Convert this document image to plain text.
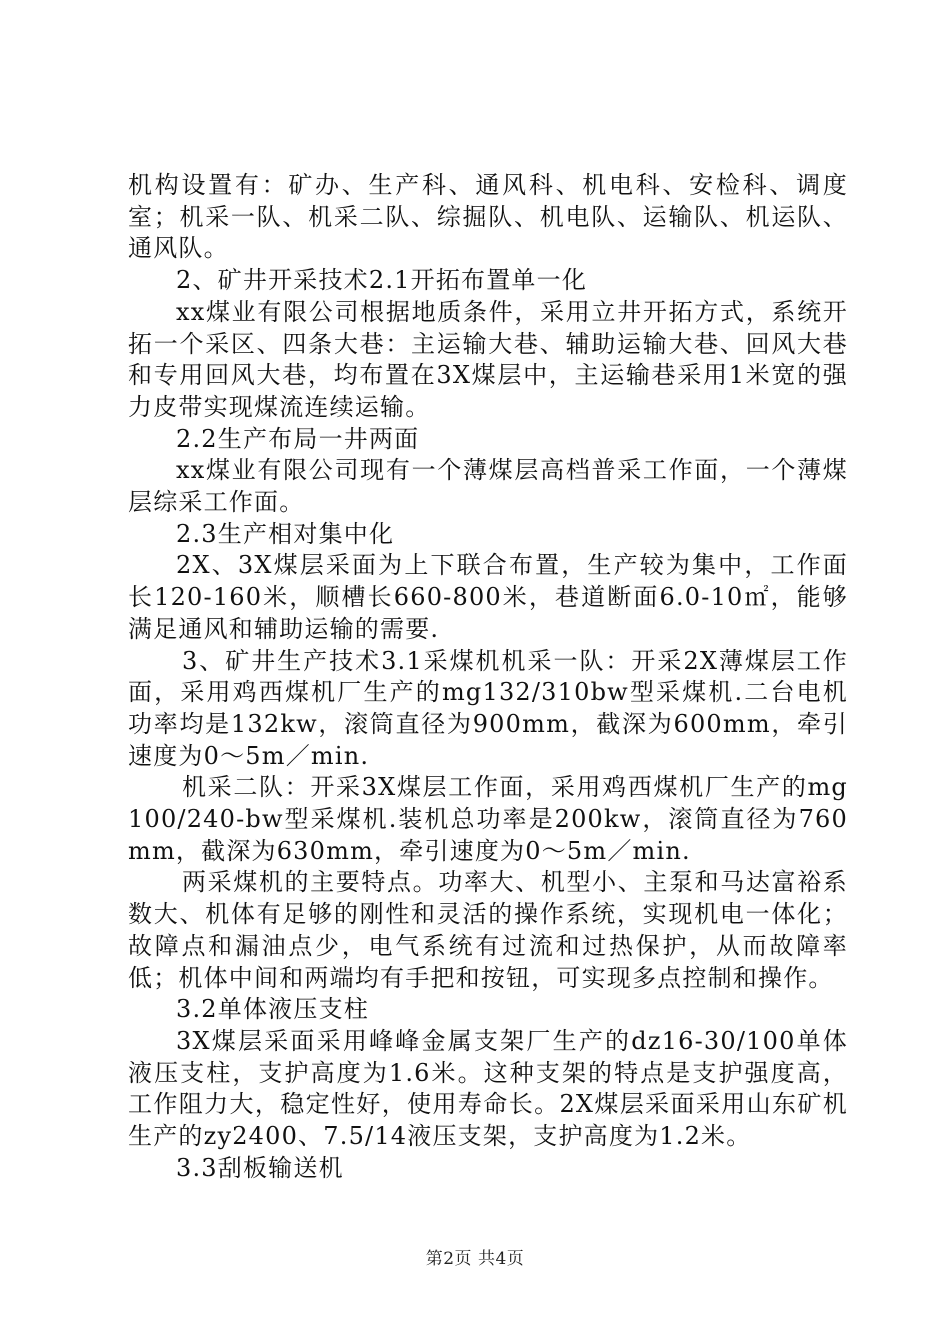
机构设置有：矿办、生产科、通风科、机电科、安检科、调度室；机采一队、机采二队、综掘队、机电队、运输队、机运队、通风队。

2、矿井开采技术2.1开拓布置单一化

xx煤业有限公司根据地质条件，采用立井开拓方式，系统开拓一个采区、四条大巷：主运输大巷、辅助运输大巷、回风大巷和专用回风大巷，均布置在3X煤层中，主运输巷采用1米宽的强力皮带实现煤流连续运输。

2.2生产布局一井两面

xx煤业有限公司现有一个薄煤层高档普采工作面，一个薄煤层综采工作面。

2.3生产相对集中化

2X、3X煤层采面为上下联合布置，生产较为集中，工作面长120-160米，顺槽长660-800米，巷道断面6.0-10㎡，能够满足通风和辅助运输的需要.

3、矿井生产技术3.1采煤机机采一队：开采2X薄煤层工作面，采用鸡西煤机厂生产的mg132/310bw型采煤机.二台电机功率均是132kw，滚筒直径为900mm，截深为600mm，牵引速度为0～5m／min.

机采二队：开采3X煤层工作面，采用鸡西煤机厂生产的mg100/240-bw型采煤机.装机总功率是200kw，滚筒直径为760mm，截深为630mm，牵引速度为0～5m／min.

两采煤机的主要特点。功率大、机型小、主泵和马达富裕系数大、机体有足够的刚性和灵活的操作系统，实现机电一体化；故障点和漏油点少，电气系统有过流和过热保护，从而故障率低；机体中间和两端均有手把和按钮，可实现多点控制和操作。

3.2单体液压支柱

3X煤层采面采用峰峰金属支架厂生产的dz16-30/100单体液压支柱，支护高度为1.6米。这种支架的特点是支护强度高，工作阻力大，稳定性好，使用寿命长。2X煤层采面采用山东矿机生产的zy2400、7.5/14液压支架，支护高度为1.2米。

3.3刮板输送机

第2页 共4页
